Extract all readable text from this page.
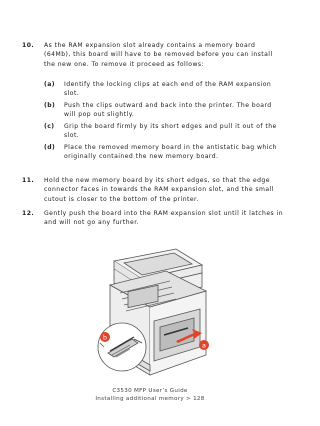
10. As the RAM expansion slot already contains a memory board (64Mb), this board will have to be removed before you can install the new one. To remove it proceed as follows:
(a) Identify the locking clips at each end of the RAM expansion slot.
(b) Push the clips outward and back into the printer. The board will pop out slightly.
(c) Grip the board firmly by its short edges and pull it out of the slot.
(d) Place the removed memory board in the antistatic bag which originally contained the new memory board.
11. Hold the new memory board by its short edges, so that the edge connector faces in towards the RAM expansion slot, and the small cutout is closer to the bottom of the printer.
12. Gently push the board into the RAM expansion slot until it latches in and will not go any further.
b
a
C3530 MFP User’s Guide
Installing additional memory > 128
